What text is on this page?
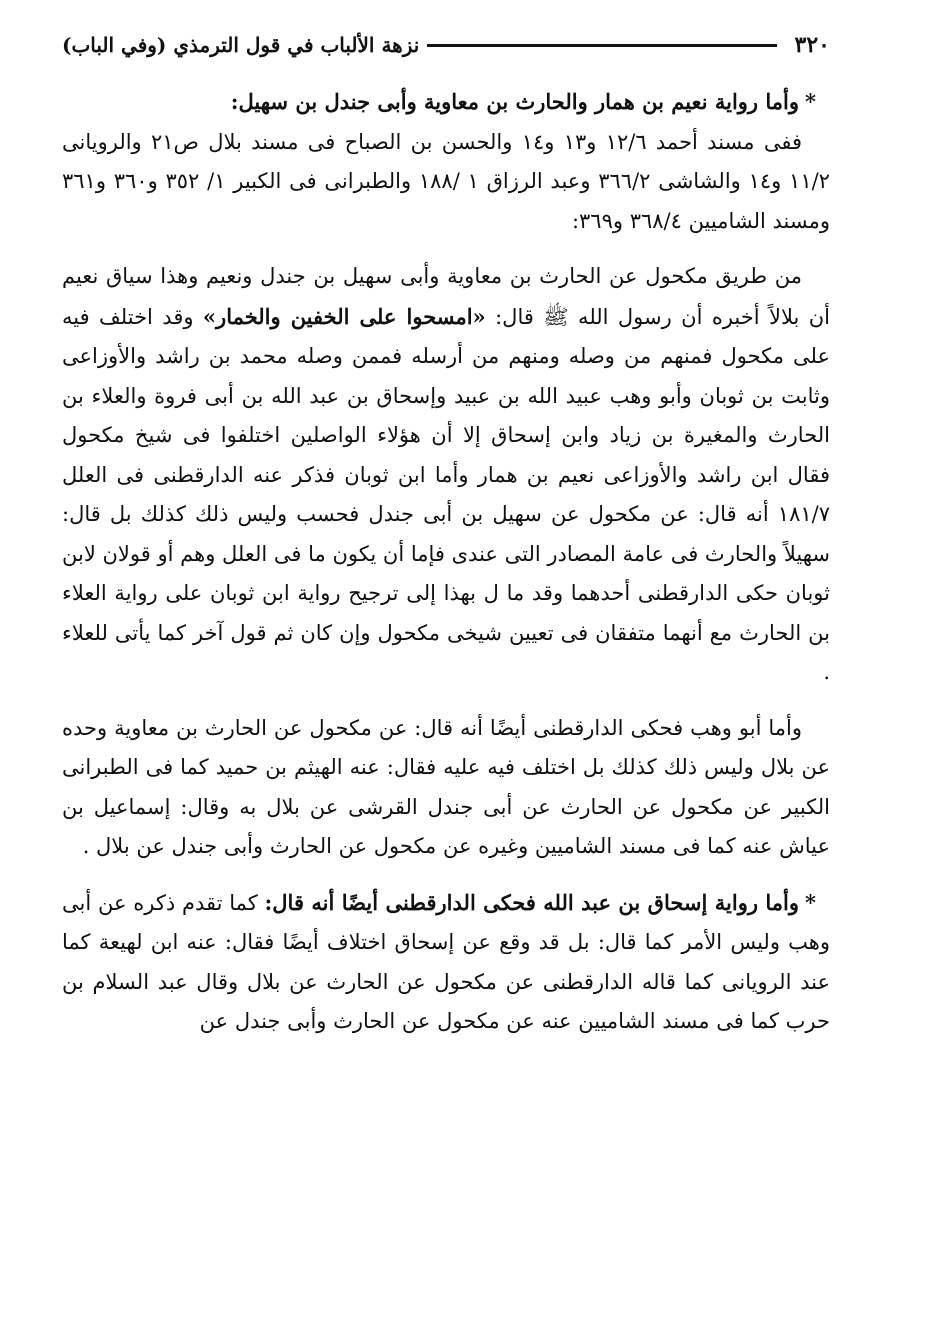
٣٢٠
نزهة الألباب في قول الترمذي (وفي الباب)

*وأما رواية نعيم بن همار والحارث بن معاوية وأبى جندل بن سهيل:

ففى مسند أحمد ١٢/٦ و١٣ و١٤ والحسن بن الصباح فى مسند بلال ص٢١ والرويانى ١١/٢ و١٤ والشاشى ٣٦٦/٢ وعبد الرزاق ١ /١٨٨ والطبرانى فى الكبير ١/ ٣٥٢ و٣٦٠ و٣٦١ ومسند الشاميين ٣٦٨/٤ و٣٦٩:

من طريق مكحول عن الحارث بن معاوية وأبى سهيل بن جندل ونعيم وهذا سياق نعيم أن بلالاً أخبره أن رسول الله ﷺ قال: «امسحوا على الخفين والخمار» وقد اختلف فيه على مكحول فمنهم من وصله ومنهم من أرسله فممن وصله محمد بن راشد والأوزاعى وثابت بن ثوبان وأبو وهب عبيد الله بن عبيد وإسحاق بن عبد الله بن أبى فروة والعلاء بن الحارث والمغيرة بن زياد وابن إسحاق إلا أن هؤلاء الواصلين اختلفوا فى شيخ مكحول فقال ابن راشد والأوزاعى نعيم بن همار وأما ابن ثوبان فذكر عنه الدارقطنى فى العلل ١٨١/٧ أنه قال: عن مكحول عن سهيل بن أبى جندل فحسب وليس ذلك كذلك بل قال: سهيلاً والحارث فى عامة المصادر التى عندى فإما أن يكون ما فى العلل وهم أو قولان لابن ثوبان حكى الدارقطنى أحدهما وقد ما ل بهذا إلى ترجيح رواية ابن ثوبان على رواية العلاء بن الحارث مع أنهما متفقان فى تعيين شيخى مكحول وإن كان ثم قول آخر كما يأتى للعلاء .

وأما أبو وهب فحكى الدارقطنى أيضًا أنه قال: عن مكحول عن الحارث بن معاوية وحده عن بلال وليس ذلك كذلك بل اختلف فيه عليه فقال: عنه الهيثم بن حميد كما فى الطبرانى الكبير عن مكحول عن الحارث عن أبى جندل القرشى عن بلال به وقال: إسماعيل بن عياش عنه كما فى مسند الشاميين وغيره عن مكحول عن الحارث وأبى جندل عن بلال .

*وأما رواية إسحاق بن عبد الله فحكى الدارقطنى أيضًا أنه قال: كما تقدم ذكره عن أبى وهب وليس الأمر كما قال: بل قد وقع عن إسحاق اختلاف أيضًا فقال: عنه ابن لهيعة كما عند الرويانى كما قاله الدارقطنى عن مكحول عن الحارث عن بلال وقال عبد السلام بن حرب كما فى مسند الشاميين عنه عن مكحول عن الحارث وأبى جندل عن
